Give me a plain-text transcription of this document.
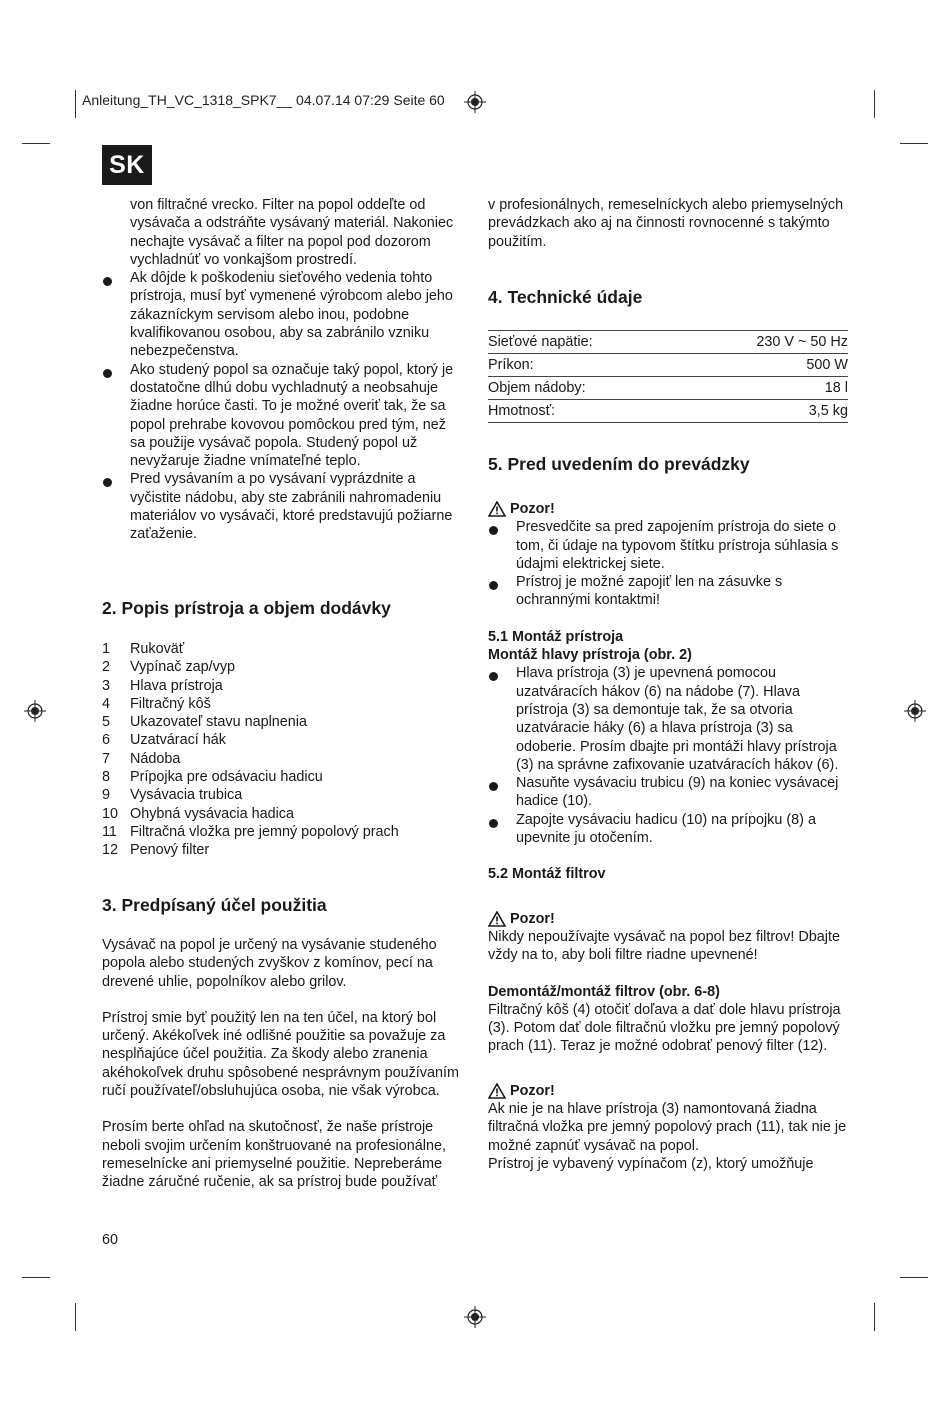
Anleitung_TH_VC_1318_SPK7__ 04.07.14 07:29 Seite 60
SK

von filtračné vrecko. Filter na popol oddeľte od vysávača a odstráňte vysávaný materiál. Nakoniec nechajte vysávač a filter na popol pod dozorom vychladnúť vo vonkajšom prostredí.

Ak dôjde k poškodeniu sieťového vedenia tohto prístroja, musí byť vymenené výrobcom alebo jeho zákazníckym servisom alebo inou, podobne kvalifikovanou osobou, aby sa zabránilo vzniku nebezpečenstva.

Ako studený popol sa označuje taký popol, ktorý je dostatočne dlhú dobu vychladnutý a neobsahuje žiadne horúce časti. To je možné overiť tak, že sa popol prehrabe kovovou pomôckou pred tým, než sa použije vysávač popola. Studený popol už nevyžaruje žiadne vnímateľné teplo.

Pred vysávaním a po vysávaní vyprázdnite a vyčistite nádobu, aby ste zabránili nahromadeniu materiálov vo vysávači, ktoré predstavujú požiarne zaťaženie.

2. Popis prístroja a objem dodávky
1 Rukoväť
2 Vypínač zap/vyp
3 Hlava prístroja
4 Filtračný kôš
5 Ukazovateľ stavu naplnenia
6 Uzatvárací hák
7 Nádoba
8 Prípojka pre odsávaciu hadicu
9 Vysávacia trubica
10 Ohybná vysávacia hadica
11 Filtračná vložka pre jemný popolový prach
12 Penový filter
3. Predpísaný účel použitia

Vysávač na popol je určený na vysávanie studeného popola alebo studených zvyškov z komínov, pecí na drevené uhlie, popolníkov alebo grilov.

Prístroj smie byť použitý len na ten účel, na ktorý bol určený. Akékoľvek iné odlišné použitie sa považuje za nesplňajúce účel použitia. Za škody alebo zranenia akéhokoľvek druhu spôsobené nesprávnym používaním ručí používateľ/obsluhujúca osoba, nie však výrobca.

Prosím berte ohľad na skutočnosť, že naše prístroje neboli svojim určením konštruované na profesionálne, remeselnícke ani priemyselné použitie. Nepreberáme žiadne záručné ručenie, ak sa prístroj bude používať

60

v profesionálnych, remeselníckych alebo priemyselných prevádzkach ako aj na činnosti rovnocenné s takýmto použitím.

4. Technické údaje
Sieťové napätie:	230 V ~ 50 Hz
Príkon:	500 W
Objem nádoby:	18 l
Hmotnosť:	3,5 kg
5. Pred uvedením do prevádzky
Pozor!

Presvedčite sa pred zapojením prístroja do siete o tom, či údaje na typovom štítku prístroja súhlasia s údajmi elektrickej siete.

Prístroj je možné zapojiť len na zásuvke s ochrannými kontaktmi!

5.1 Montáž prístroja

Montáž hlavy prístroja (obr. 2)

Hlava prístroja (3) je upevnená pomocou uzatváracích hákov (6) na nádobe (7). Hlava prístroja (3) sa demontuje tak, že sa otvoria uzatváracie háky (6) a hlava prístroja (3) sa odoberie. Prosím dbajte pri montáži hlavy prístroja (3) na správne zafixovanie uzatváracích hákov (6).

Nasuňte vysávaciu trubicu (9) na koniec vysávacej hadice (10).

Zapojte vysávaciu hadicu (10) na prípojku (8) a upevnite ju otočením.

5.2 Montáž filtrov

Pozor!

Nikdy nepoužívajte vysávač na popol bez filtrov! Dbajte vždy na to, aby boli filtre riadne upevnené!

Demontáž/montáž filtrov (obr. 6-8)

Filtračný kôš (4) otočiť doľava a dať dole hlavu prístroja (3). Potom dať dole filtračnú vložku pre jemný popolový prach (11). Teraz je možné odobrať penový filter (12).

Pozor!

Ak nie je na hlave prístroja (3) namontovaná žiadna filtračná vložka pre jemný popolový prach (11), tak nie je možné zapnúť vysávač na popol.

Prístroj je vybavený vypínačom (z), ktorý umožňuje
